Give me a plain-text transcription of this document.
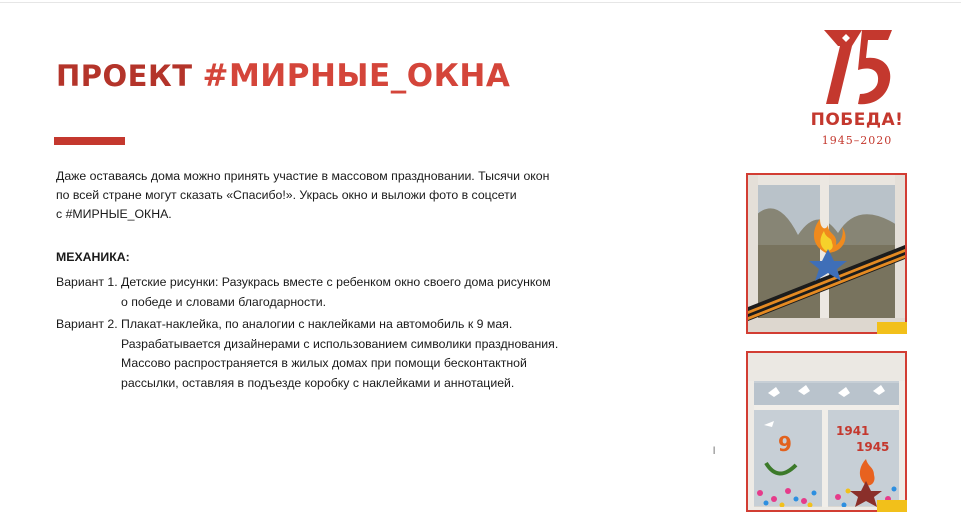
ПРОЕКТ #МИРНЫЕ_ОКНА
Даже оставаясь дома можно принять участие в массовом праздновании. Тысячи окон
по всей стране могут сказать «Спасибо!». Укрась окно и выложи фото в соцсети
с #МИРНЫЕ_ОКНА.
МЕХАНИКА:
Вариант 1. Детские рисунки: Разукрась вместе с ребенком окно своего дома рисунком
о победе и словами благодарности.
Вариант 2. Плакат-наклейка, по аналогии с наклейками на автомобиль к 9 мая.
Разрабатывается дизайнерами с использованием символики празднования.
Массово распространяется в жилых домах при помощи бесконтактной
рассылки, оставляя в подъезде коробку с наклейками и аннотацией.
ПОБЕДА!
1945–2020
9
1941
1945
l
